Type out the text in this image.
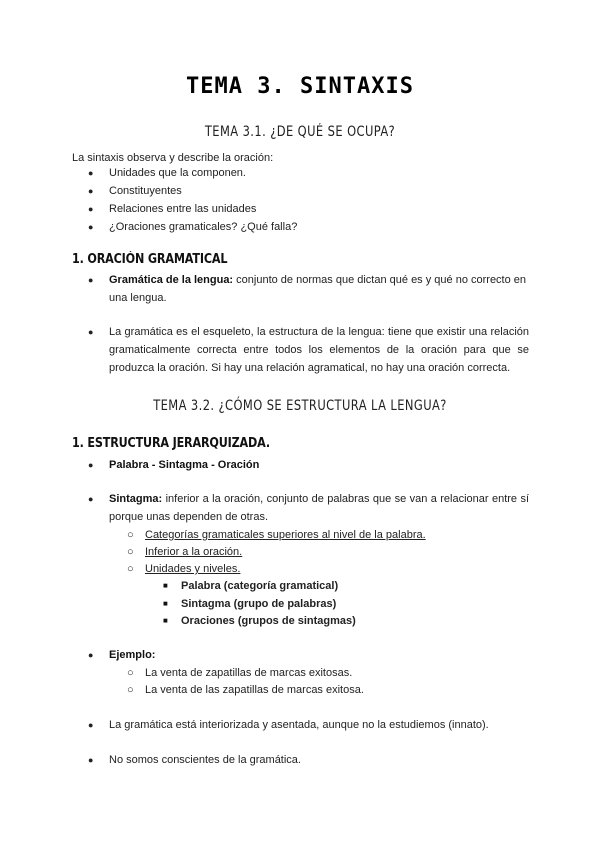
TEMA 3. SINTAXIS
TEMA 3.1. ¿DE QUÉ SE OCUPA?
La sintaxis observa y describe la oración:
● Unidades que la componen.
● Constituyentes
● Relaciones entre las unidades
● ¿Oraciones gramaticales? ¿Qué falla?
1. ORACIÓN GRAMATICAL
● Gramática de la lengua: conjunto de normas que dictan qué es y qué no correcto en una lengua.
● La gramática es el esqueleto, la estructura de la lengua: tiene que existir una relación gramaticalmente correcta entre todos los elementos de la oración para que se produzca la oración. Si hay una relación agramatical, no hay una oración correcta.
TEMA 3.2. ¿CÓMO SE ESTRUCTURA LA LENGUA?
1. ESTRUCTURA JERARQUIZADA.
● Palabra - Sintagma - Oración
● Sintagma: inferior a la oración, conjunto de palabras que se van a relacionar entre sí porque unas dependen de otras.
○ Categorías gramaticales superiores al nivel de la palabra.
○ Inferior a la oración.
○ Unidades y niveles.
■ Palabra (categoría gramatical)
■ Sintagma (grupo de palabras)
■ Oraciones (grupos de sintagmas)
● Ejemplo:
○ La venta de zapatillas de marcas exitosas.
○ La venta de las zapatillas de marcas exitosa.
● La gramática está interiorizada y asentada, aunque no la estudiemos (innato).
● No somos conscientes de la gramática.
